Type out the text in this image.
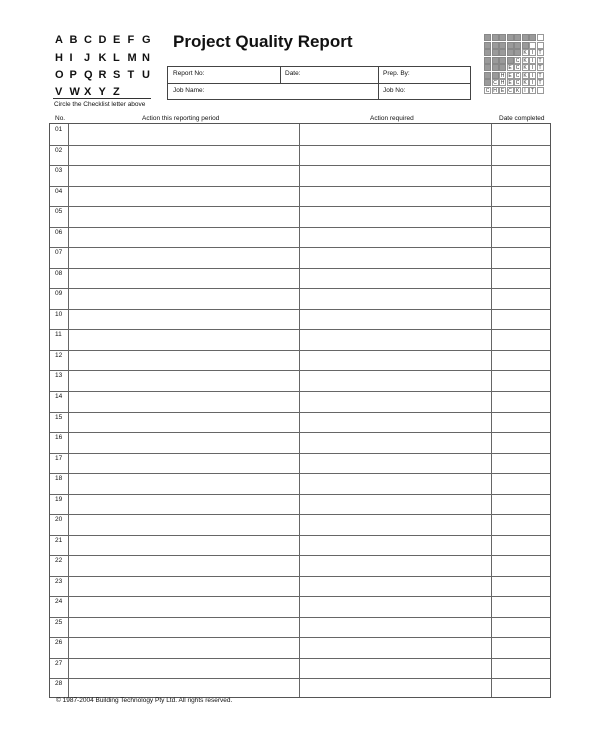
A B C D E F G
H I J K L M N
O P Q R S T U
V W X Y Z
Circle the Checklist letter above
Project Quality Report
Report No:	Date:	Prep. By:
Job Name:	Job No:
K	I	T
C K	I	T
E C K	I	T
H E C K	I	T
C H E C K	I	T
C H E C K	I	T
No.	Action this reporting period	Action required	Date completed
01
02
03
04
05
06
07
08
09
10
11
12
13
14
15
16
17
18
19
20
21
22
23
24
25
26
27
28
© 1987-2004 Building Technology Pty Ltd. All rights reserved.
